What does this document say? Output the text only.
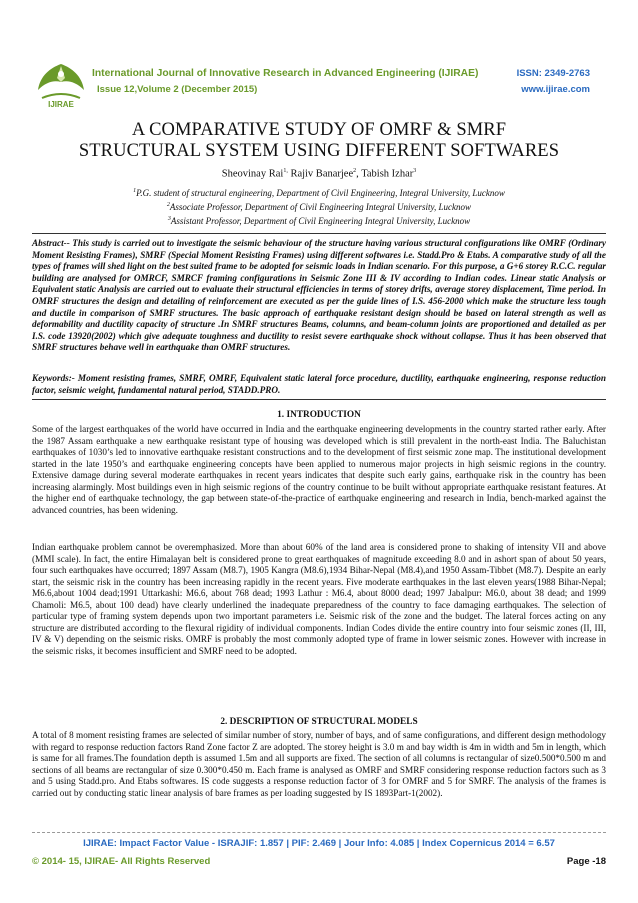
IJIRAE
International Journal of Innovative Research in Advanced Engineering (IJIRAE)
Issue 12,Volume 2 (December 2015)
ISSN: 2349-2763
www.ijirae.com
A COMPARATIVE STUDY OF OMRF & SMRF
STRUCTURAL SYSTEM USING DIFFERENT SOFTWARES
Sheovinay Rai$^{1,}$ Rajiv Banarjee$^2$, Tabish Izhar$^3$
$^1$P.G. student of structural engineering, Department of Civil Engineering, Integral University, Lucknow
$^2$Associate Professor, Department of Civil Engineering Integral University, Lucknow
$^3$Assistant Professor, Department of Civil Engineering Integral University, Lucknow
Abstract-- This study is carried out to investigate the seismic behaviour of the structure having various structural configurations like OMRF (Ordinary Moment Resisting Frames), SMRF (Special Moment Resisting Frames) using different softwares i.e. Stadd.Pro & Etabs. A comparative study of all the types of frames will shed light on the best suited frame to be adopted for seismic loads in Indian scenario. For this purpose, a G+6 storey R.C.C. regular building are analysed for OMRCF, SMRCF framing configurations in Seismic Zone III & IV according to Indian codes. Linear static Analysis or Equivalent static Analysis are carried out to evaluate their structural efficiencies in terms of storey drifts, average storey displacement, Time period. In OMRF structures the design and detailing of reinforcement are executed as per the guide lines of I.S. 456-2000 which make the structure less tough and ductile in comparison of SMRF structures. The basic approach of earthquake resistant design should be based on lateral strength as well as deformability and ductility capacity of structure .In SMRF structures Beams, columns, and beam-column joints are proportioned and detailed as per I.S. code 13920(2002) which give adequate toughness and ductility to resist severe earthquake shock without collapse. Thus it has been observed that SMRF structures behave well in earthquake than OMRF structures.
Keywords:- Moment resisting frames, SMRF, OMRF, Equivalent static lateral force procedure, ductility, earthquake engineering, response reduction factor, seismic weight, fundamental natural period, STADD.PRO.
1. INTRODUCTION
Some of the largest earthquakes of the world have occurred in India and the earthquake engineering developments in the country started rather early. After the 1987 Assam earthquake a new earthquake resistant type of housing was developed which is still prevalent in the north-east India. The Baluchistan earthquakes of 1030’s led to innovative earthquake resistant constructions and to the development of first seismic zone map. The institutional development started in the late 1950’s and earthquake engineering concepts have been applied to numerous major projects in high seismic regions in the country. Extensive damage during several moderate earthquakes in recent years indicates that despite such early gains, earthquake risk in the country has been increasing alarmingly. Most buildings even in high seismic regions of the country continue to be built without appropriate earthquake resistant features. At the higher end of earthquake technology, the gap between state-of-the-practice of earthquake engineering and research in India, bench-marked against the advanced countries, has been widening.
Indian earthquake problem cannot be overemphasized. More than about 60% of the land area is considered prone to shaking of intensity VII and above (MMI scale). In fact, the entire Himalayan belt is considered prone to great earthquakes of magnitude exceeding 8.0 and in ashort span of about 50 years, four such earthquakes have occurred; 1897 Assam (M8.7), 1905 Kangra (M8.6),1934 Bihar-Nepal (M8.4),and 1950 Assam-Tibbet (M8.7). Despite an early start, the seismic risk in the country has been increasing rapidly in the recent years. Five moderate earthquakes in the last eleven years(1988 Bihar-Nepal; M6.6,about 1004 dead;1991 Uttarkashi: M6.6, about 768 dead; 1993 Lathur : M6.4, about 8000 dead; 1997 Jabalpur: M6.0, about 38 dead; and 1999 Chamoli: M6.5, about 100 dead) have clearly underlined the inadequate preparedness of the country to face damaging earthquakes. The selection of particular type of framing system depends upon two important parameters i.e. Seismic risk of the zone and the budget. The lateral forces acting on any structure are distributed according to the flexural rigidity of individual components. Indian Codes divide the entire country into four seismic zones (II, III, IV & V) depending on the seismic risks. OMRF is probably the most commonly adopted type of frame in lower seismic zones. However with increase in the seismic risks, it becomes insufficient and SMRF need to be adopted.
2. DESCRIPTION OF STRUCTURAL MODELS
A total of 8 moment resisting frames are selected of similar number of story, number of bays, and of same configurations, and different design methodology with regard to response reduction factors Rand Zone factor Z are adopted. The storey height is 3.0 m and bay width is 4m in width and 5m in length, which is same for all frames.The foundation depth is assumed 1.5m and all supports are fixed. The section of all columns is rectangular of size0.500*0.500 m and sections of all beams are rectangular of size 0.300*0.450 m. Each frame is analysed as OMRF and SMRF considering response reduction factors such as 3 and 5 using Stadd.pro. And Etabs softwares. IS code suggests a response reduction factor of 3 for OMRF and 5 for SMRF. The analysis of the frames is carried out by conducting static linear analysis of bare frames as per loading suggested by IS 1893Part-1(2002).
IJIRAE: Impact Factor Value - ISRAJIF: 1.857 | PIF: 2.469 | Jour Info: 4.085 | Index Copernicus 2014 = 6.57
© 2014- 15, IJIRAE- All Rights Reserved	Page -18
